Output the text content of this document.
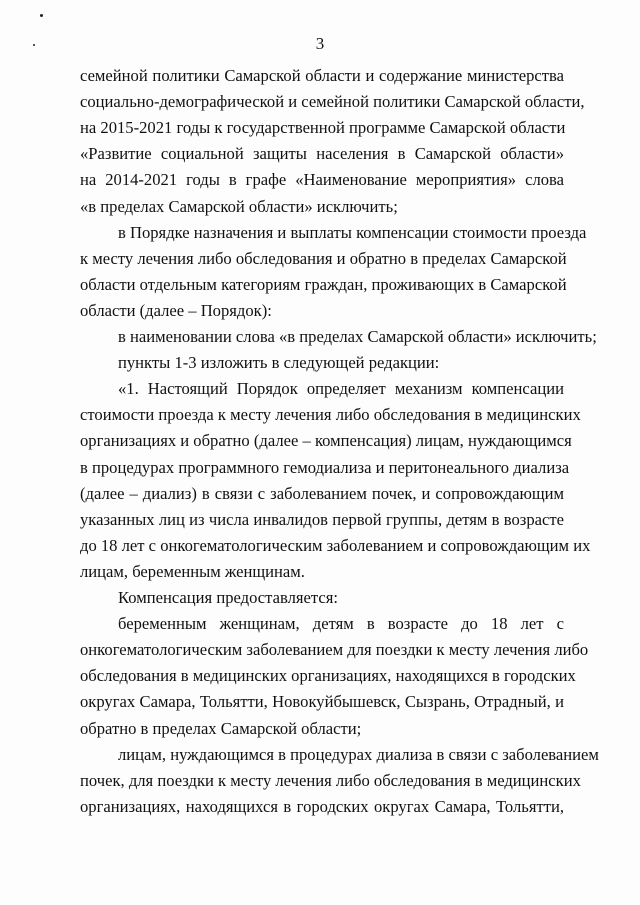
3
семейной политики Самарской области и содержание министерства
социально-демографической и семейной политики Самарской области,
на 2015-2021 годы к государственной программе Самарской области
«Развитие социальной защиты населения в Самарской области»
на 2014-2021 годы в графе «Наименование мероприятия» слова
«в пределах Самарской области» исключить;
в Порядке назначения и выплаты компенсации стоимости проезда
к месту лечения либо обследования и обратно в пределах Самарской
области отдельным категориям граждан, проживающих в Самарской
области (далее – Порядок):
в наименовании слова «в пределах Самарской области» исключить;
пункты 1-3 изложить в следующей редакции:
«1. Настоящий Порядок определяет механизм компенсации
стоимости проезда к месту лечения либо обследования в медицинских
организациях и обратно (далее – компенсация) лицам, нуждающимся
в процедурах программного гемодиализа и перитонеального диализа
(далее – диализ) в связи с заболеванием почек, и сопровождающим
указанных лиц из числа инвалидов первой группы, детям в возрасте
до 18 лет с онкогематологическим заболеванием и сопровождающим их
лицам, беременным женщинам.
Компенсация предоставляется:
беременным женщинам, детям в возрасте до 18 лет с
онкогематологическим заболеванием для поездки к месту лечения либо
обследования в медицинских организациях, находящихся в городских
округах Самара, Тольятти, Новокуйбышевск, Сызрань, Отрадный, и
обратно в пределах Самарской области;
лицам, нуждающимся в процедурах диализа в связи с заболеванием
почек, для поездки к месту лечения либо обследования в медицинских
организациях, находящихся в городских округах Самара, Тольятти,
